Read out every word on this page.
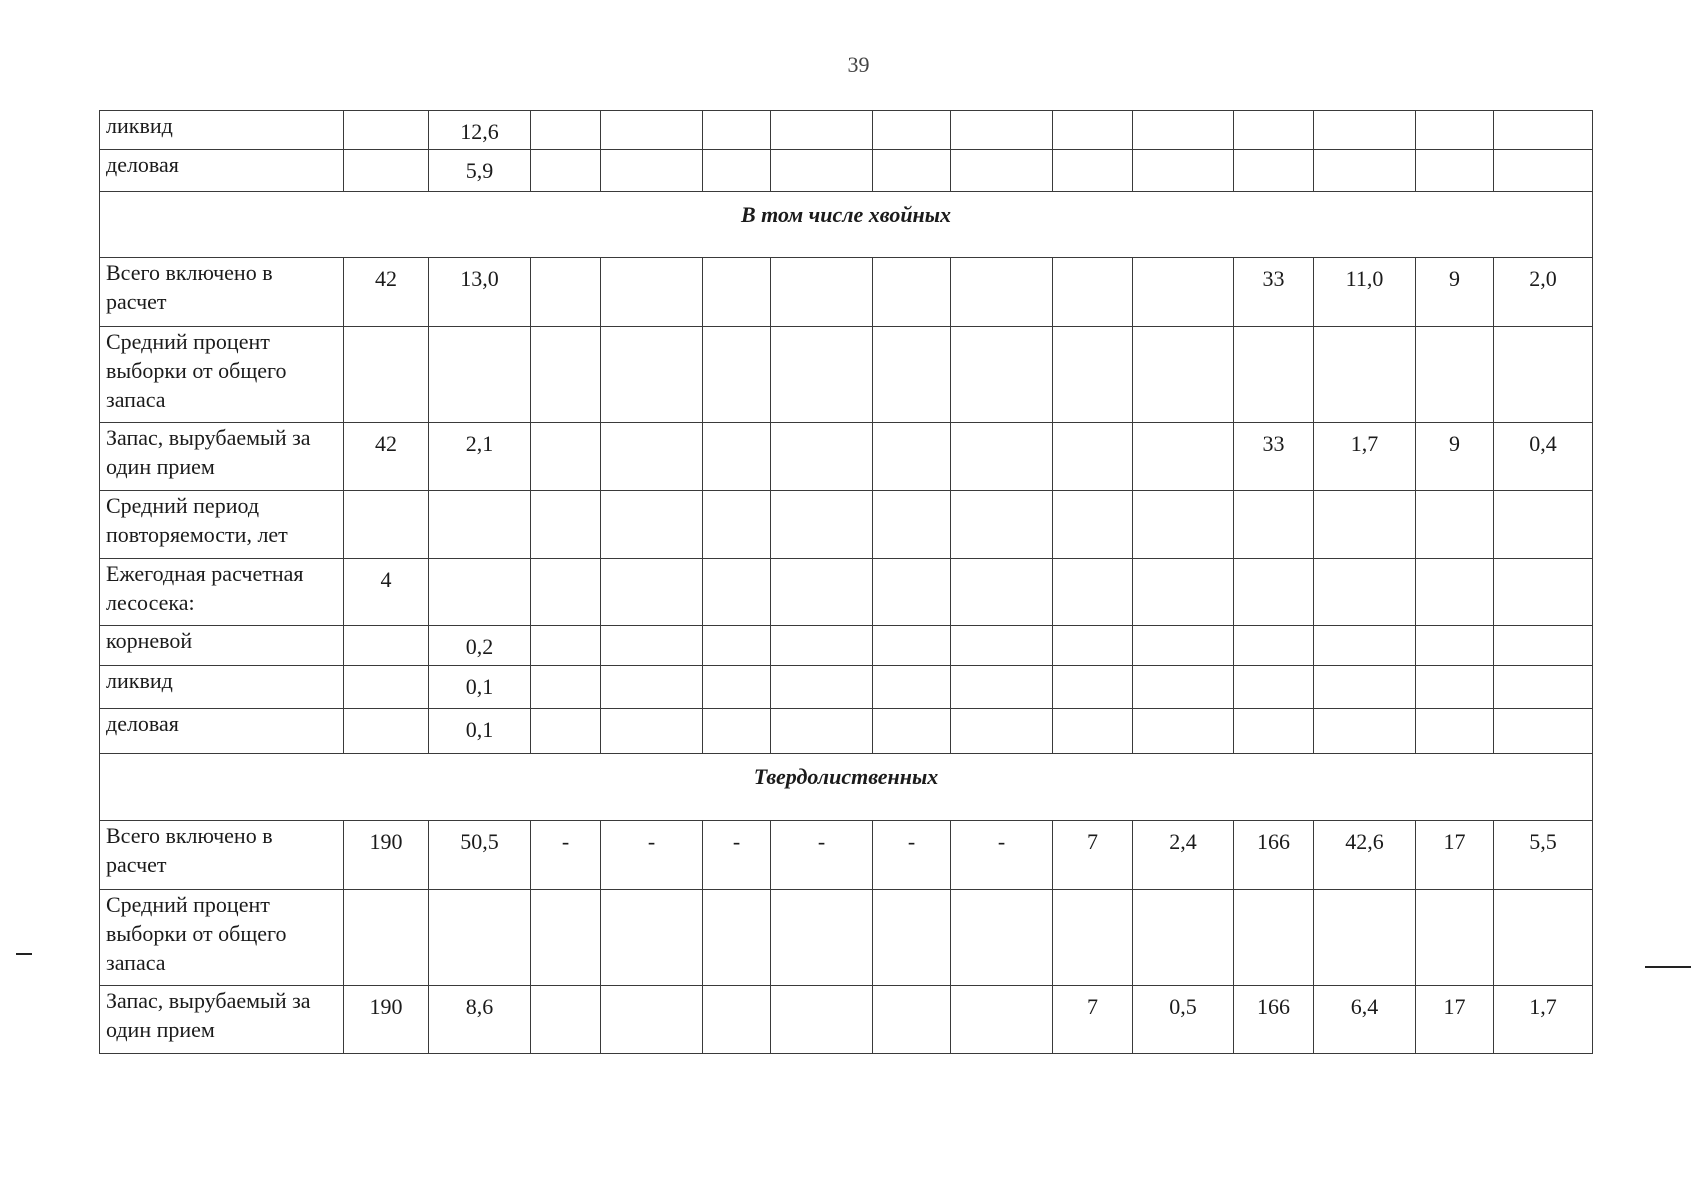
39
ликвид		12,6												
деловая		5,9												
В том числе хвойных														
Всего включено в расчет	42	13,0									33	11,0	9	2,0
Средний процент выборки от общего запаса														
Запас, вырубаемый за один прием	42	2,1									33	1,7	9	0,4
Средний период повторяемости, лет														
Ежегодная расчетная лесосека:	4													
корневой		0,2												
ликвид		0,1												
деловая		0,1												
Твердолиственных														
Всего включено в расчет	190	50,5	-	-	-	-	-	-	7	2,4	166	42,6	17	5,5
Средний процент выборки от общего запаса														
Запас, вырубаемый за один прием	190	8,6							7	0,5	166	6,4	17	1,7
